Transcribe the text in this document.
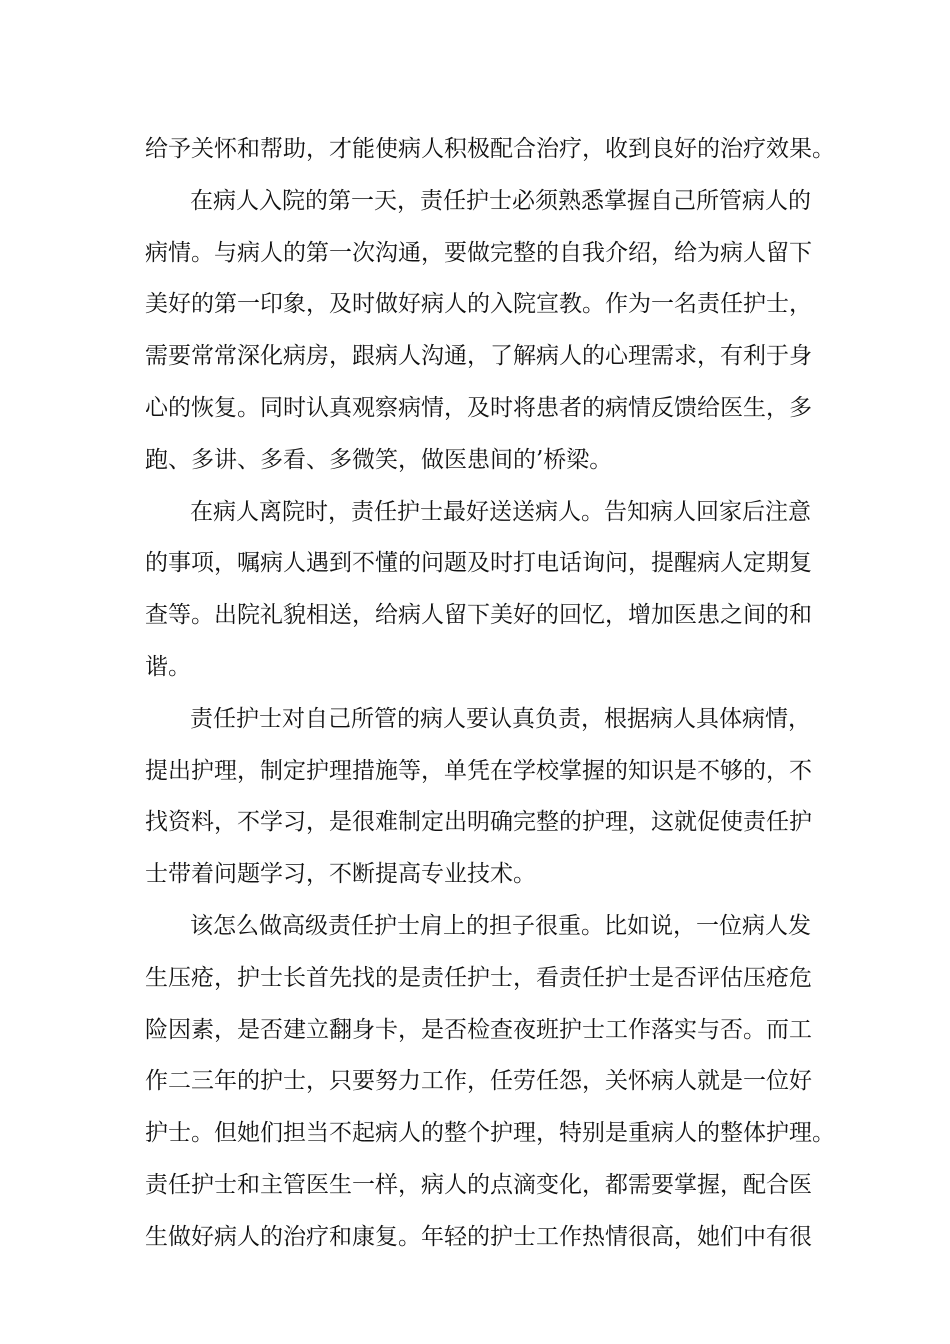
给予关怀和帮助，才能使病人积极配合治疗，收到良好的治疗效果。
在病人入院的第一天，责任护士必须熟悉掌握自己所管病人的
病情。与病人的第一次沟通，要做完整的自我介绍，给为病人留下
美好的第一印象，及时做好病人的入院宣教。作为一名责任护士，
需要常常深化病房，跟病人沟通，了解病人的心理需求，有利于身
心的恢复。同时认真观察病情，及时将患者的病情反馈给医生，多
跑、多讲、多看、多微笑，做医患间的’桥梁。
在病人离院时，责任护士最好送送病人。告知病人回家后注意
的事项，嘱病人遇到不懂的问题及时打电话询问，提醒病人定期复
查等。出院礼貌相送，给病人留下美好的回忆，增加医患之间的和
谐。
责任护士对自己所管的病人要认真负责，根据病人具体病情，
提出护理，制定护理措施等，单凭在学校掌握的知识是不够的，不
找资料，不学习，是很难制定出明确完整的护理，这就促使责任护
士带着问题学习，不断提高专业技术。
该怎么做高级责任护士肩上的担子很重。比如说，一位病人发
生压疮，护士长首先找的是责任护士，看责任护士是否评估压疮危
险因素，是否建立翻身卡，是否检查夜班护士工作落实与否。而工
作二三年的护士，只要努力工作，任劳任怨，关怀病人就是一位好
护士。但她们担当不起病人的整个护理，特别是重病人的整体护理。
责任护士和主管医生一样，病人的点滴变化，都需要掌握，配合医
生做好病人的治疗和康复。年轻的护士工作热情很高，她们中有很
